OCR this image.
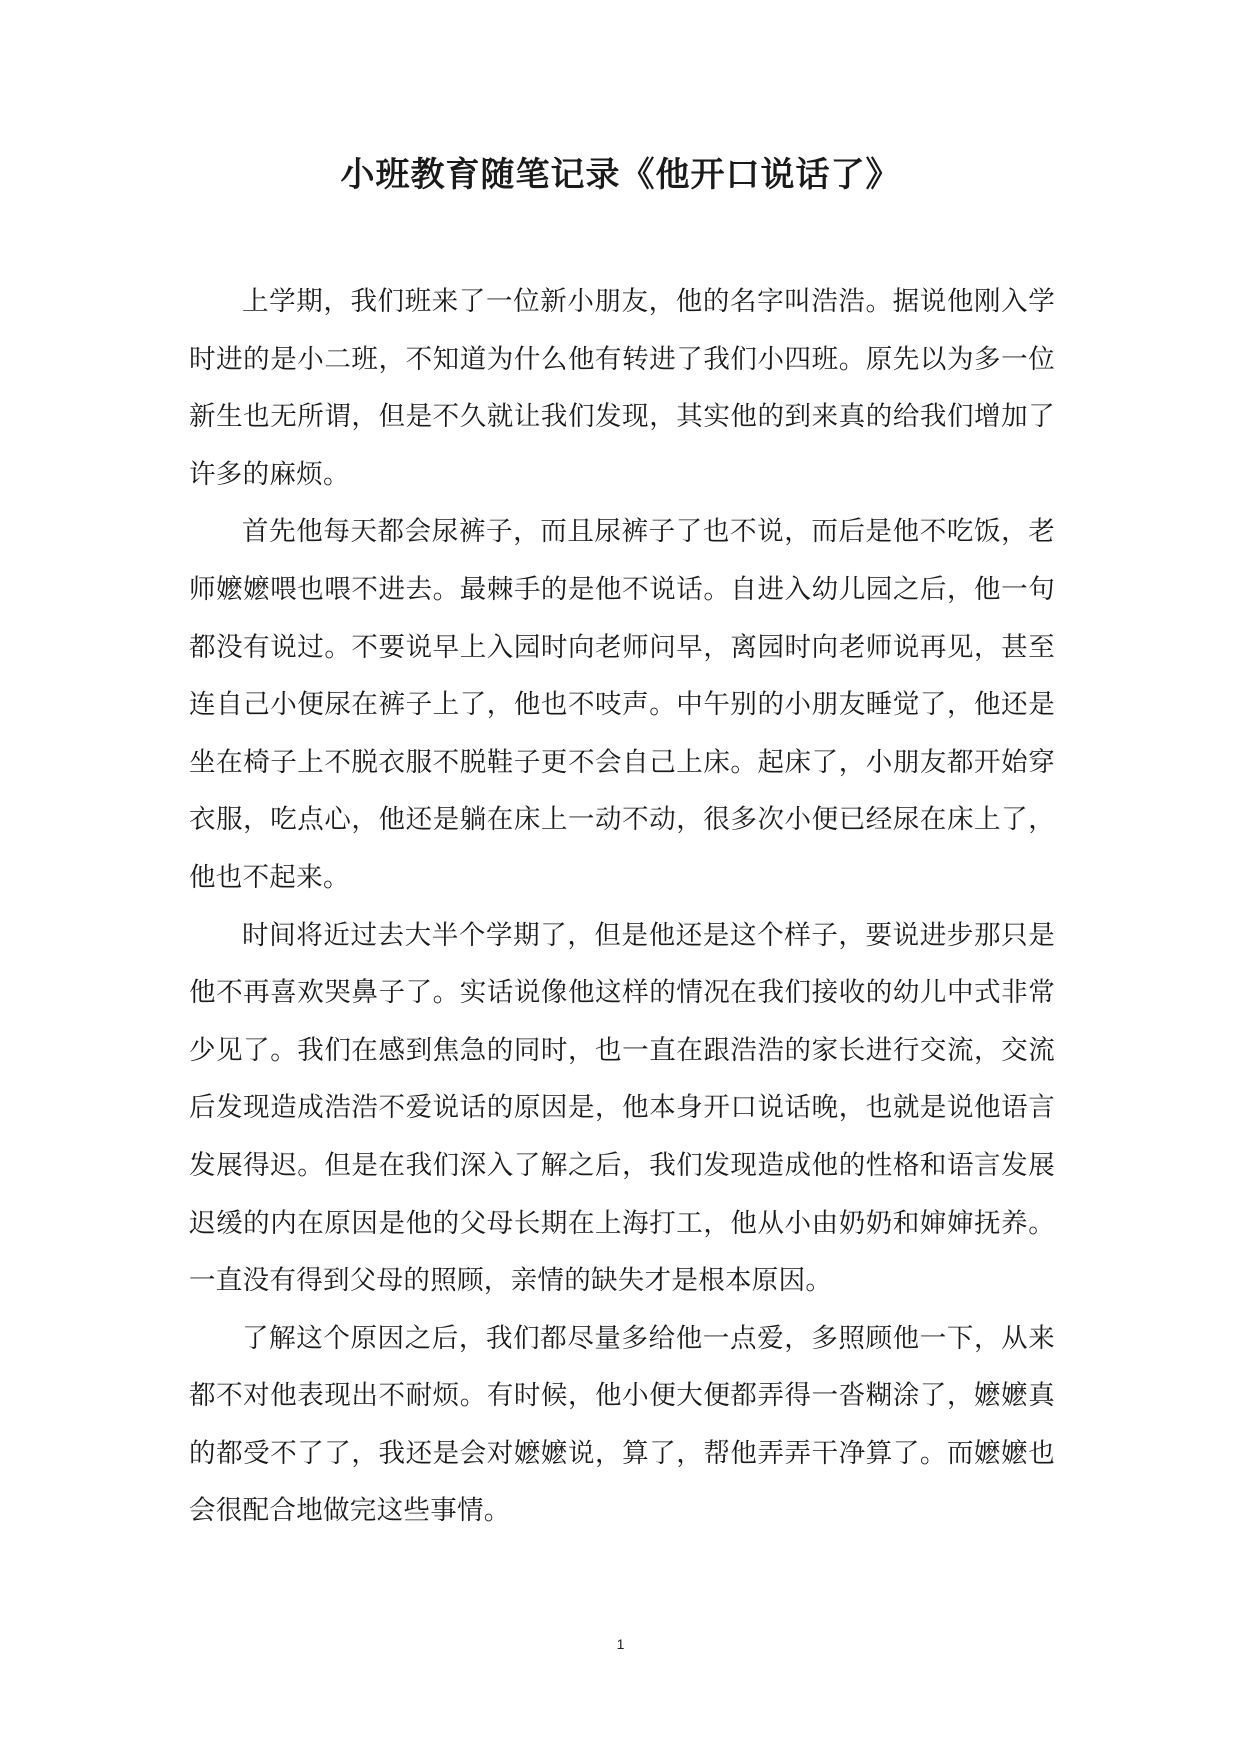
小班教育随笔记录《他开口说话了》

上学期，我们班来了一位新小朋友，他的名字叫浩浩。据说他刚入学时进的是小二班，不知道为什么他有转进了我们小四班。原先以为多一位新生也无所谓，但是不久就让我们发现，其实他的到来真的给我们增加了许多的麻烦。

首先他每天都会尿裤子，而且尿裤子了也不说，而后是他不吃饭，老师嬷嬷喂也喂不进去。最棘手的是他不说话。自进入幼儿园之后，他一句都没有说过。不要说早上入园时向老师问早，离园时向老师说再见，甚至连自己小便尿在裤子上了，他也不吱声。中午别的小朋友睡觉了，他还是坐在椅子上不脱衣服不脱鞋子更不会自己上床。起床了，小朋友都开始穿衣服，吃点心，他还是躺在床上一动不动，很多次小便已经尿在床上了，他也不起来。

时间将近过去大半个学期了，但是他还是这个样子，要说进步那只是他不再喜欢哭鼻子了。实话说像他这样的情况在我们接收的幼儿中式非常少见了。我们在感到焦急的同时，也一直在跟浩浩的家长进行交流，交流后发现造成浩浩不爱说话的原因是，他本身开口说话晚，也就是说他语言发展得迟。但是在我们深入了解之后，我们发现造成他的性格和语言发展迟缓的内在原因是他的父母长期在上海打工，他从小由奶奶和婶婶抚养。一直没有得到父母的照顾，亲情的缺失才是根本原因。

了解这个原因之后，我们都尽量多给他一点爱，多照顾他一下，从来都不对他表现出不耐烦。有时候，他小便大便都弄得一沓糊涂了，嬷嬷真的都受不了了，我还是会对嬷嬷说，算了，帮他弄弄干净算了。而嬷嬷也会很配合地做完这些事情。

1
